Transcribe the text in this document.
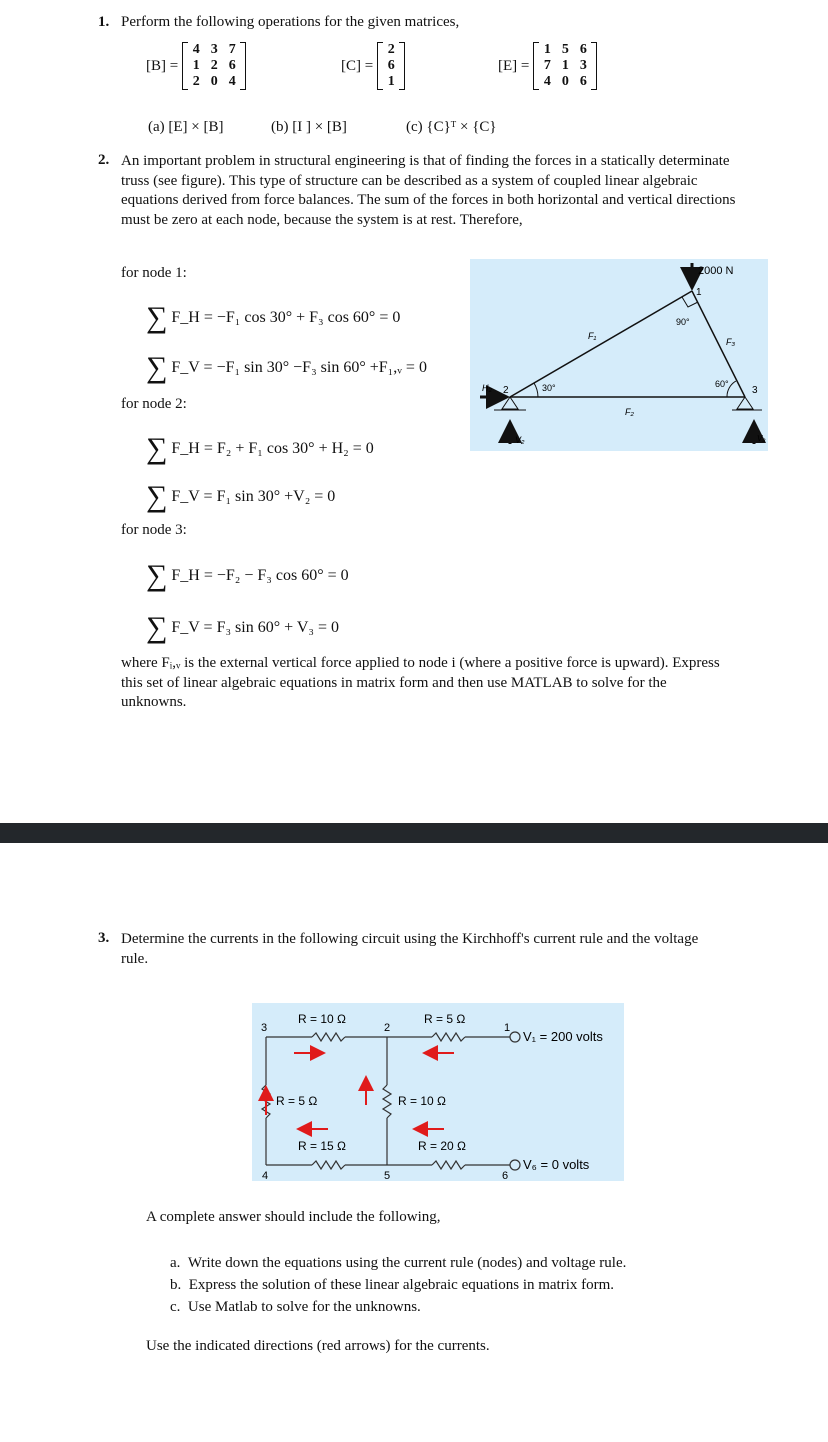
1. Perform the following operations for the given matrices,
[B] =
4 3 7
1 2 6
2 0 4
[C] =
2
6
1
[E] =
1 5 6
7 1 3
4 0 6
(a) [E] × [B]	(b) [I ] × [B]	(c) {C}ᵀ × {C}
2. An important problem in structural engineering is that of finding the forces in a statically determinate truss (see figure). This type of structure can be described as a system of coupled linear algebraic equations derived from force balances. The sum of the forces in both horizontal and vertical directions must be zero at each node, because the system is at rest. Therefore,
for node 1:
∑ F_H = −F₁ cos 30° + F₃ cos 60° = 0
∑ F_V = −F₁ sin 30° −F₃ sin 60° +F₁,ᵥ = 0
for node 2:
∑ F_H = F₂ + F₁ cos 30° + H₂ = 0
∑ F_V = F₁ sin 30° +V₂ = 0
for node 3:
∑ F_H = −F₂ − F₃ cos 60° = 0
∑ F_V = F₃ sin 60° + V₃ = 0
where Fᵢ,ᵥ is the external vertical force applied to node i (where a positive force is upward). Express this set of linear algebraic equations in matrix form and then use MATLAB to solve for the unknowns.
2000 N
1
2	3
90°
30°	60°
F₁
F₂
F₃
H₂
V₂	V₃
3. Determine the currents in the following circuit using the Kirchhoff's current rule and the voltage rule.
R = 10 Ω	R = 5 Ω
R = 5 Ω	R = 10 Ω
R = 15 Ω	R = 20 Ω
V₁ = 200 volts
V₆ = 0 volts
1
2
3
4	5	6
A complete answer should include the following,
a. Write down the equations using the current rule (nodes) and voltage rule.
b. Express the solution of these linear algebraic equations in matrix form.
c. Use Matlab to solve for the unknowns.
Use the indicated directions (red arrows) for the currents.
